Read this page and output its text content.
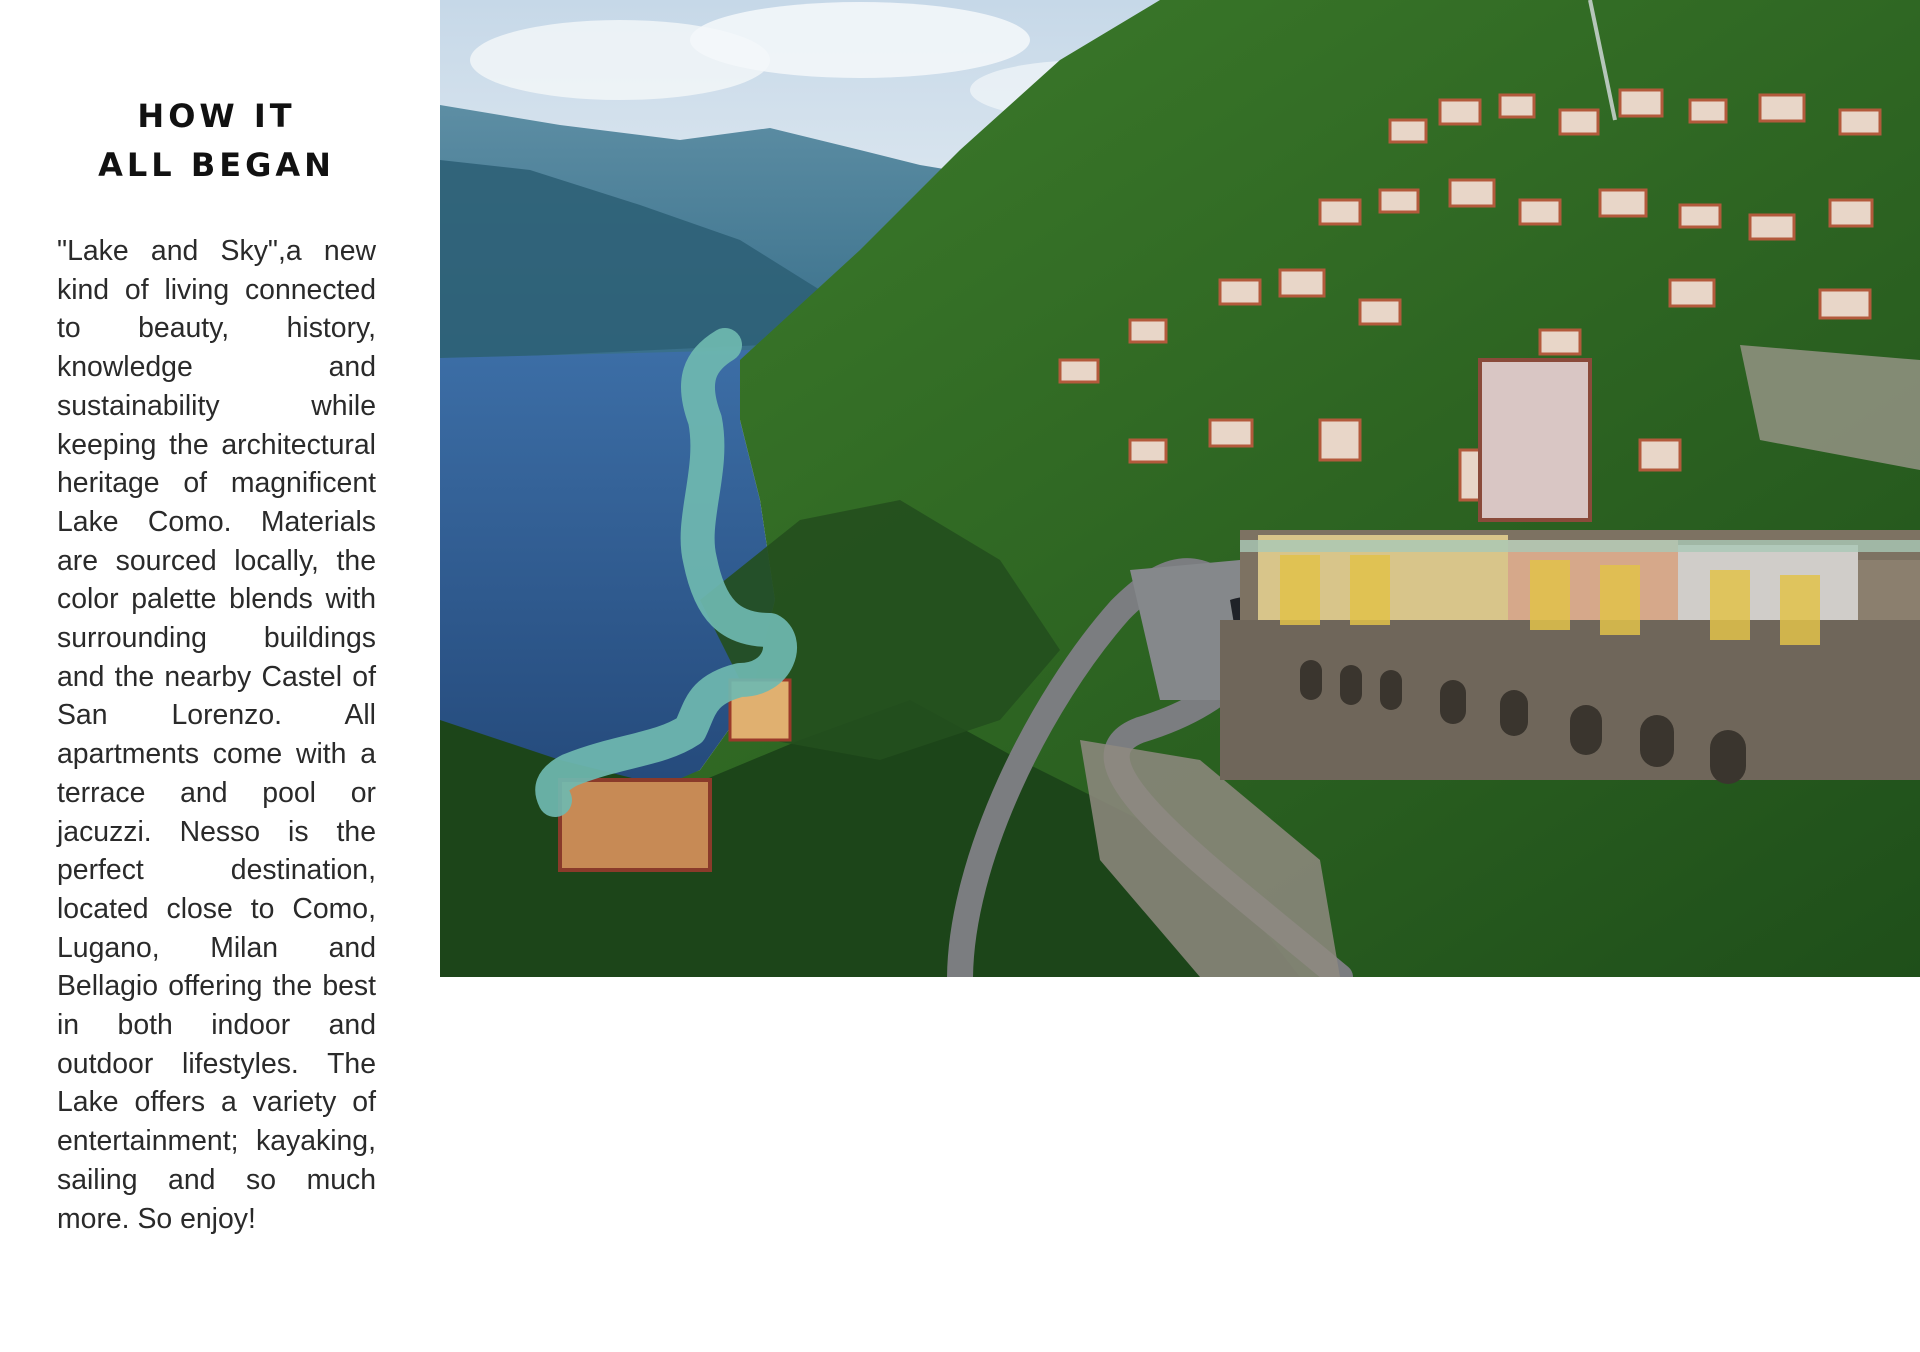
HOW IT
ALL BEGAN

"Lake and Sky",a new kind of living connected to beauty, history, knowledge and sustainability while keeping the architectural heritage of magnificent Lake Como. Materials are sourced locally, the color palette blends with surrounding buildings and the nearby Castel of San Lorenzo. All apartments come with a terrace and pool or jacuzzi. Nesso is the perfect destination, located close to Como, Lugano, Milan and Bellagio offering the best in both indoor and outdoor lifestyles. The Lake offers a variety of entertainment; kayaking, sailing and so much more. So enjoy!
